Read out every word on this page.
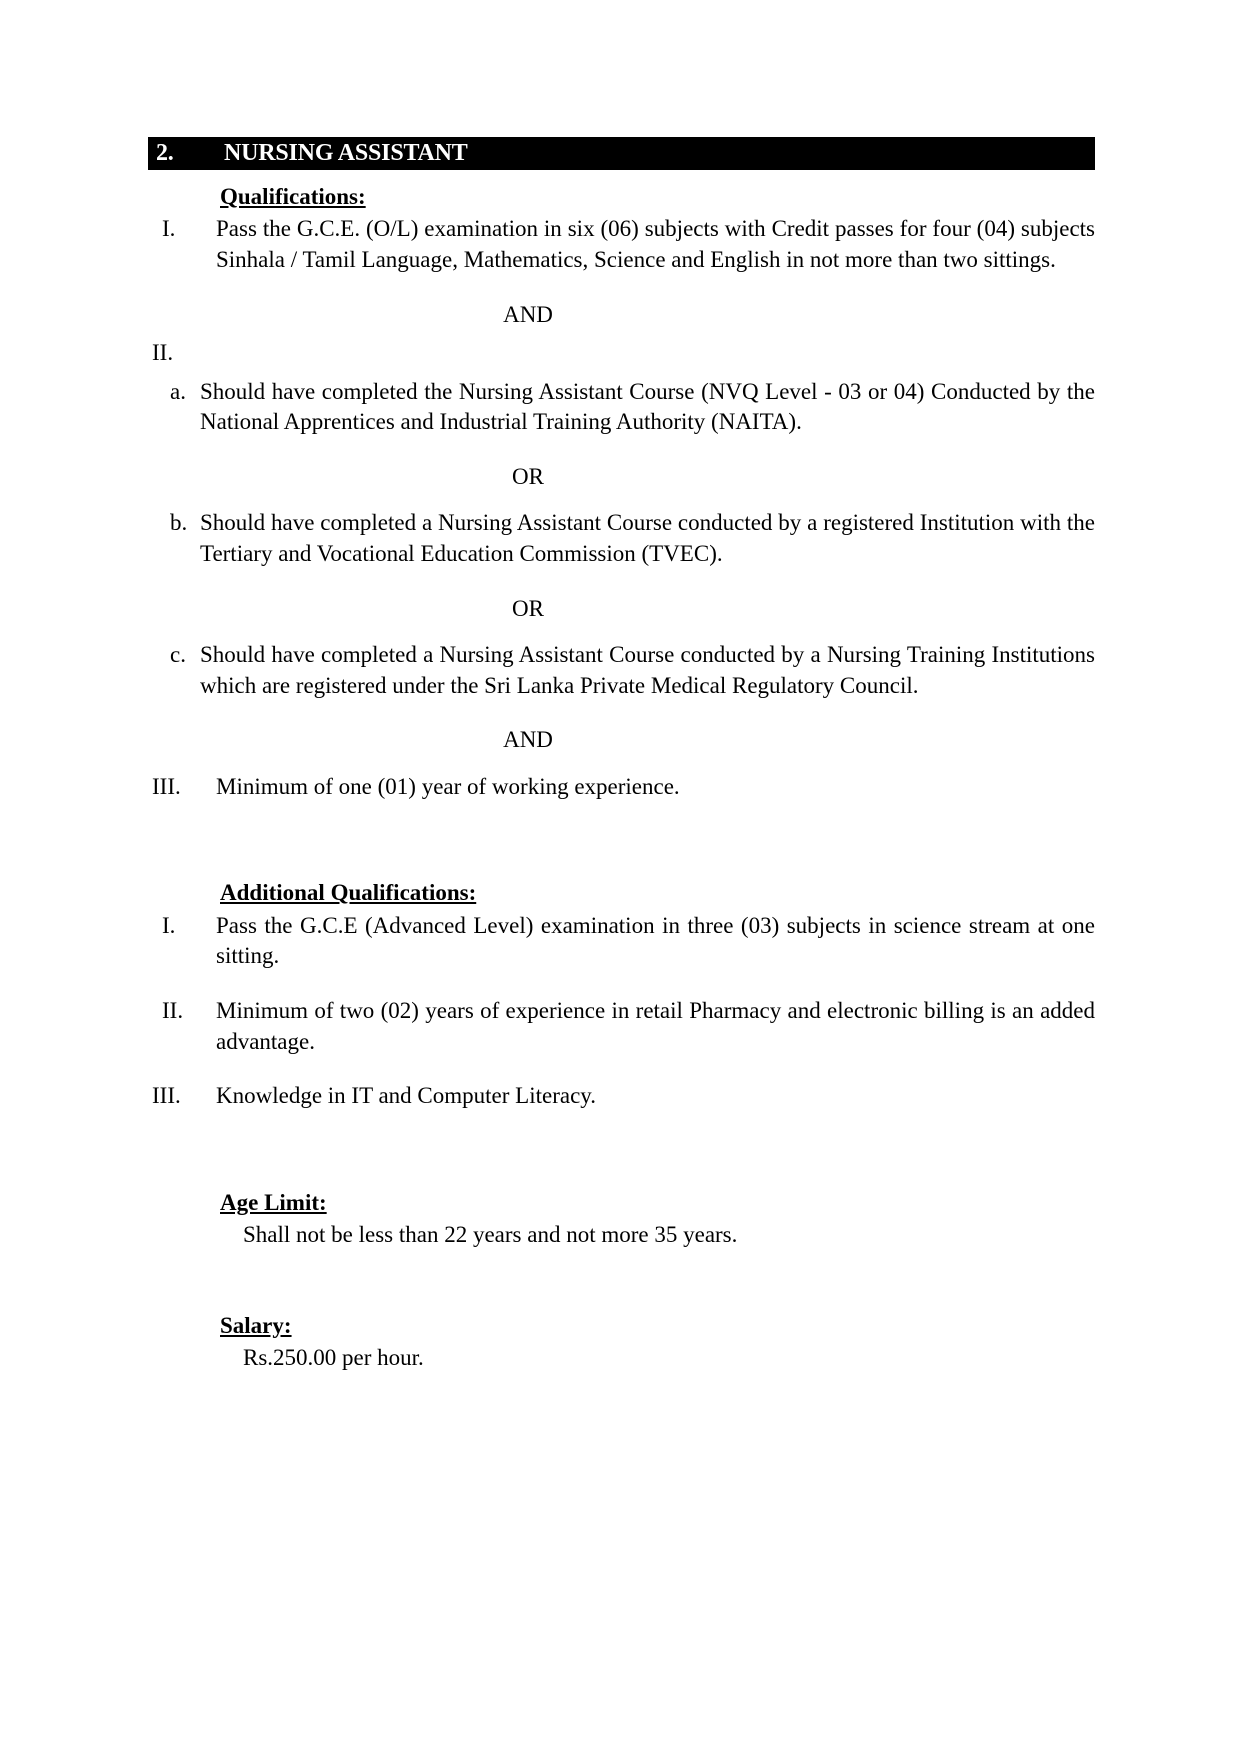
2.	NURSING ASSISTANT
Qualifications:
I.	Pass the G.C.E. (O/L) examination in six (06) subjects with Credit passes for four (04) subjects Sinhala / Tamil Language, Mathematics, Science and English in not more than two sittings.
AND
II.
a. Should have completed the Nursing Assistant Course (NVQ Level - 03 or 04) Conducted by the National Apprentices and Industrial Training Authority (NAITA).
OR
b. Should have completed a Nursing Assistant Course conducted by a registered Institution with the Tertiary and Vocational Education Commission (TVEC).
OR
c. Should have completed a Nursing Assistant Course conducted by a Nursing Training Institutions which are registered under the Sri Lanka Private Medical Regulatory Council.
AND
III.	Minimum of one (01) year of working experience.
Additional Qualifications:
I.	Pass the G.C.E (Advanced Level) examination in three (03) subjects in science stream at one sitting.
II.	Minimum of two (02) years of experience in retail Pharmacy and electronic billing is an added advantage.
III.	Knowledge in IT and Computer Literacy.
Age Limit:
Shall not be less than 22 years and not more 35 years.
Salary:
Rs.250.00 per hour.
